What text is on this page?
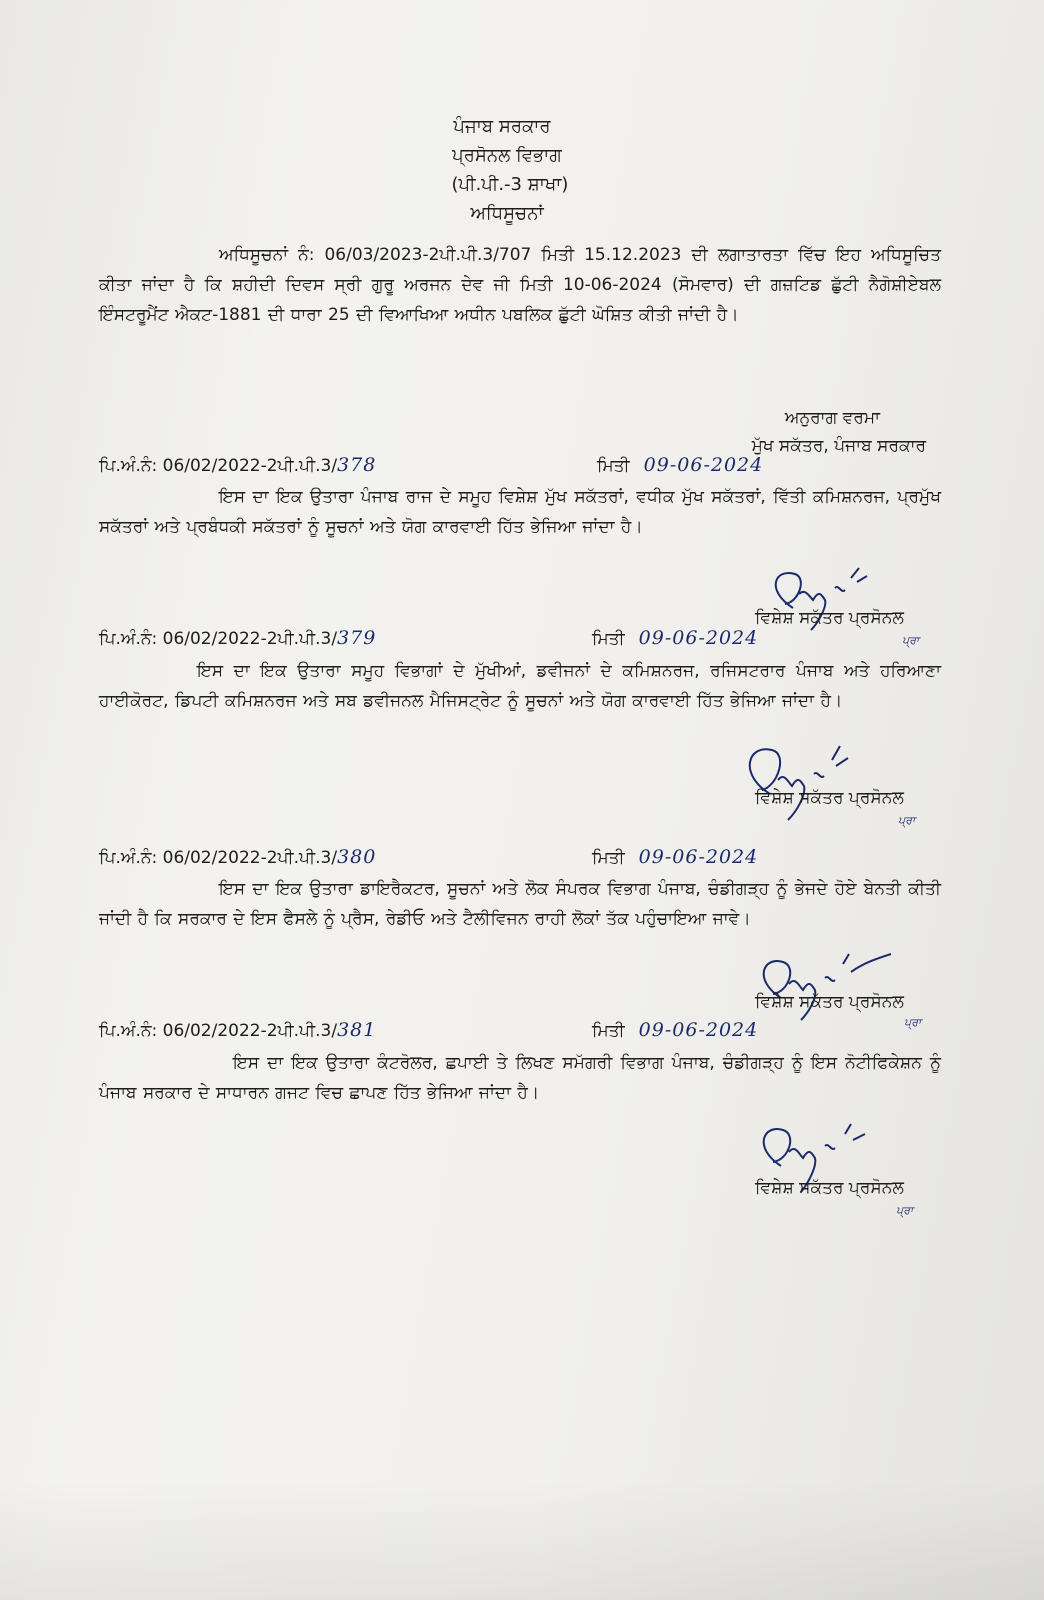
ਪੰਜਾਬ ਸਰਕਾਰ
ਪ੍ਰਸੋਨਲ ਵਿਭਾਗ
(ਪੀ.ਪੀ.-3 ਸ਼ਾਖਾ)
ਅਧਿਸੂਚਨਾਂ
ਅਧਿਸੂਚਨਾਂ ਨੰ: 06/03/2023-2ਪੀ.ਪੀ.3/707 ਮਿਤੀ 15.12.2023 ਦੀ ਲਗਾਤਾਰਤਾ ਵਿੱਚ ਇਹ ਅਧਿਸੂਚਿਤ ਕੀਤਾ ਜਾਂਦਾ ਹੈ ਕਿ ਸ਼ਹੀਦੀ ਦਿਵਸ ਸ੍ਰੀ ਗੁਰੂ ਅਰਜਨ ਦੇਵ ਜੀ ਮਿਤੀ 10-06-2024 (ਸੋਮਵਾਰ) ਦੀ ਗਜ਼ਟਿਡ ਛੁੱਟੀ ਨੈਗੋਸ਼ੀਏਬਲ ਇੰਸਟਰੂਮੈਂਟ ਐਕਟ-1881 ਦੀ ਧਾਰਾ 25 ਦੀ ਵਿਆਖਿਆ ਅਧੀਨ ਪਬਲਿਕ ਛੁੱਟੀ ਘੋਸ਼ਿਤ ਕੀਤੀ ਜਾਂਦੀ ਹੈ।
ਅਨੁਰਾਗ ਵਰਮਾ
ਮੁੱਖ ਸਕੱਤਰ, ਪੰਜਾਬ ਸਰਕਾਰ
ਪਿ.ਅੰ.ਨੰ: 06/02/2022-2ਪੀ.ਪੀ.3/378	ਮਿਤੀ 09-06-2024
ਇਸ ਦਾ ਇਕ ਉਤਾਰਾ ਪੰਜਾਬ ਰਾਜ ਦੇ ਸਮੂਹ ਵਿਸ਼ੇਸ਼ ਮੁੱਖ ਸਕੱਤਰਾਂ, ਵਧੀਕ ਮੁੱਖ ਸਕੱਤਰਾਂ, ਵਿੱਤੀ ਕਮਿਸ਼ਨਰਜ, ਪ੍ਰਮੁੱਖ ਸਕੱਤਰਾਂ ਅਤੇ ਪ੍ਰਬੰਧਕੀ ਸਕੱਤਰਾਂ ਨੂੰ ਸੂਚਨਾਂ ਅਤੇ ਯੋਗ ਕਾਰਵਾਈ ਹਿੱਤ ਭੇਜਿਆ ਜਾਂਦਾ ਹੈ।
ਵਿਸ਼ੇਸ਼ ਸਕੱਤਰ ਪ੍ਰਸੋਨਲ
ਪ੍ਰਾ
ਪਿ.ਅੰ.ਨੰ: 06/02/2022-2ਪੀ.ਪੀ.3/379	ਮਿਤੀ 09-06-2024
ਇਸ ਦਾ ਇਕ ਉਤਾਰਾ ਸਮੂਹ ਵਿਭਾਗਾਂ ਦੇ ਮੁੱਖੀਆਂ, ਡਵੀਜਨਾਂ ਦੇ ਕਮਿਸ਼ਨਰਜ, ਰਜਿਸਟਰਾਰ ਪੰਜਾਬ ਅਤੇ ਹਰਿਆਣਾ ਹਾਈਕੋਰਟ, ਡਿਪਟੀ ਕਮਿਸ਼ਨਰਜ ਅਤੇ ਸਬ ਡਵੀਜਨਲ ਮੈਜਿਸਟ੍ਰੇਟ ਨੂੰ ਸੂਚਨਾਂ ਅਤੇ ਯੋਗ ਕਾਰਵਾਈ ਹਿੱਤ ਭੇਜਿਆ ਜਾਂਦਾ ਹੈ।
ਵਿਸ਼ੇਸ਼ ਸਕੱਤਰ ਪ੍ਰਸੋਨਲ
ਪ੍ਰਾ
ਪਿ.ਅੰ.ਨੰ: 06/02/2022-2ਪੀ.ਪੀ.3/380	ਮਿਤੀ 09-06-2024
ਇਸ ਦਾ ਇਕ ਉਤਾਰਾ ਡਾਇਰੈਕਟਰ, ਸੂਚਨਾਂ ਅਤੇ ਲੋਕ ਸੰਪਰਕ ਵਿਭਾਗ ਪੰਜਾਬ, ਚੰਡੀਗੜ੍ਹ ਨੂੰ ਭੇਜਦੇ ਹੋਏ ਬੇਨਤੀ ਕੀਤੀ ਜਾਂਦੀ ਹੈ ਕਿ ਸਰਕਾਰ ਦੇ ਇਸ ਫੈਸਲੇ ਨੂੰ ਪ੍ਰੈਸ, ਰੇਡੀਓ ਅਤੇ ਟੈਲੀਵਿਜਨ ਰਾਹੀ ਲੋਕਾਂ ਤੱਕ ਪਹੁੰਚਾਇਆ ਜਾਵੇ।
ਵਿਸ਼ੇਸ਼ ਸਕੱਤਰ ਪ੍ਰਸੋਨਲ
ਪ੍ਰਾ
ਪਿ.ਅੰ.ਨੰ: 06/02/2022-2ਪੀ.ਪੀ.3/381	ਮਿਤੀ 09-06-2024
ਇਸ ਦਾ ਇਕ ਉਤਾਰਾ ਕੰਟਰੋਲਰ, ਛਪਾਈ ਤੇ ਲਿਖਣ ਸਮੱਗਰੀ ਵਿਭਾਗ ਪੰਜਾਬ, ਚੰਡੀਗੜ੍ਹ ਨੂੰ ਇਸ ਨੋਟੀਫਿਕੇਸ਼ਨ ਨੂੰ ਪੰਜਾਬ ਸਰਕਾਰ ਦੇ ਸਾਧਾਰਨ ਗਜਟ ਵਿਚ ਛਾਪਣ ਹਿੱਤ ਭੇਜਿਆ ਜਾਂਦਾ ਹੈ।
ਵਿਸ਼ੇਸ਼ ਸਕੱਤਰ ਪ੍ਰਸੋਨਲ
ਪ੍ਰਾ
